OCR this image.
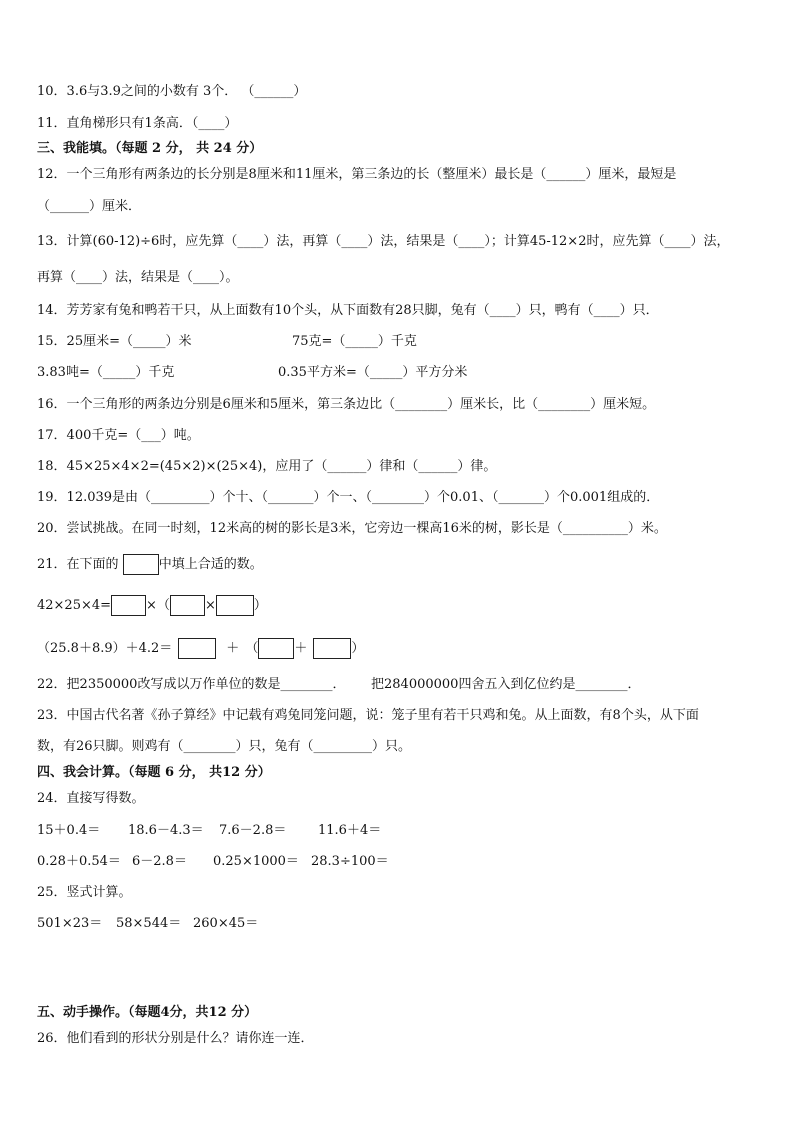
10．3.6与3.9之间的小数有 3个． （______）
11．直角梯形只有1条高．（____）
三、我能填。（每题 2 分， 共 24 分）
12．一个三角形有两条边的长分别是8厘米和11厘米，第三条边的长（整厘米）最长是（______）厘米，最短是
（______）厘米．
13．计算(60-12)÷6时，应先算（____）法，再算（____）法，结果是（____）；计算45-12×2时，应先算（____）法，
再算（____）法，结果是（____）。
14．芳芳家有兔和鸭若干只，从上面数有10个头，从下面数有28只脚，兔有（____）只，鸭有（____）只．
15．25厘米=（_____）米	75克=（_____）千克
3.83吨=（_____）千克	0.35平方米=（_____）平方分米
16．一个三角形的两条边分别是6厘米和5厘米，第三条边比（________）厘米长，比（________）厘米短。
17．400千克=（___）吨。
18．45×25×4×2=(45×2)×(25×4)，应用了（______）律和（______）律。
19．12.039是由（_________）个十、（_______）个一、（________）个0.01、（_______）个0.001组成的．
20．尝试挑战。在同一时刻，12米高的树的影长是3米，它旁边一棵高16米的树，影长是（__________）米。
21．在下面的	中填上合适的数。
42×25×4=	×（	×	）
（25.8＋8.9）＋4.2＝	＋ （	＋	）
22．把2350000改写成以万作单位的数是________． 把284000000四舍五入到亿位约是________．
23．中国古代名著《孙子算经》中记载有鸡兔同笼问题，说：笼子里有若干只鸡和兔。从上面数，有8个头，从下面
数，有26只脚。则鸡有（________）只，兔有（_________）只。
四、我会计算。（每题 6 分， 共12 分）
24．直接写得数。
15＋0.4＝ 18.6－4.3＝ 7.6－2.8＝ 11.6＋4＝
0.28＋0.54＝ 6－2.8＝ 0.25×1000＝ 28.3÷100＝
25．竖式计算。
501×23＝ 58×544＝ 260×45＝
五、动手操作。（每题4分，共12 分）
26．他们看到的形状分别是什么？请你连一连．
